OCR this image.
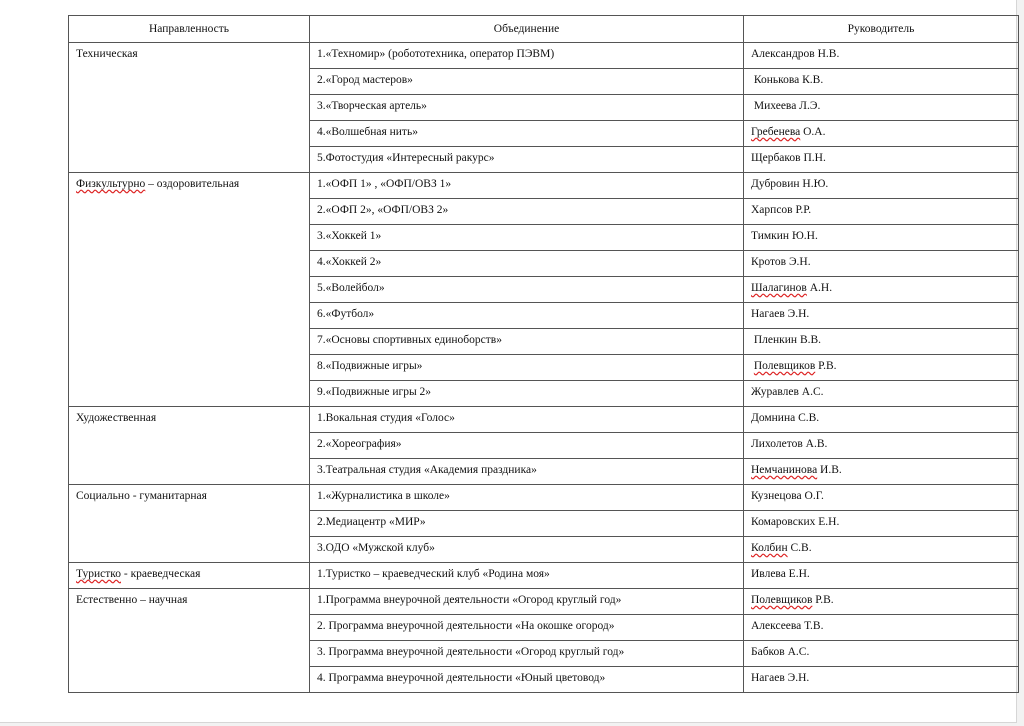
Направленность	Объединение	Руководитель
Техническая	1.«Техномир» (робототехника, оператор ПЭВМ)	Александров Н.В.
	2.«Город мастеров»	Конькова К.В.
	3.«Творческая артель»	Михеева Л.Э.
	4.«Волшебная нить»	Гребенева О.А.
	5.Фотостудия «Интересный ракурс»	Щербаков П.Н.
Физкультурно – оздоровительная	1.«ОФП 1» , «ОФП/ОВЗ 1»	Дубровин Н.Ю.
	2.«ОФП 2», «ОФП/ОВЗ 2»	Харпсов Р.Р.
	3.«Хоккей 1»	Тимкин Ю.Н.
	4.«Хоккей 2»	Кротов Э.Н.
	5.«Волейбол»	Шалагинов А.Н.
	6.«Футбол»	Нагаев Э.Н.
	7.«Основы спортивных единоборств»	Пленкин В.В.
	8.«Подвижные игры»	Полевщиков Р.В.
	9.«Подвижные игры 2»	Журавлев А.С.
Художественная	1.Вокальная студия «Голос»	Домнина С.В.
	2.«Хореография»	Лихолетов А.В.
	3.Театральная студия «Академия праздника»	Немчанинова И.В.
Социально - гуманитарная	1.«Журналистика в школе»	Кузнецова О.Г.
	2.Медиацентр «МИР»	Комаровских Е.Н.
	3.ОДО «Мужской клуб»	Колбин С.В.
Туристко - краеведческая	1.Туристко – краеведческий клуб «Родина моя»	Ивлева Е.Н.
Естественно – научная	1.Программа внеурочной деятельности «Огород круглый год»	Полевщиков Р.В.
	2. Программа внеурочной деятельности «На окошке огород»	Алексеева Т.В.
	3. Программа внеурочной деятельности «Огород круглый год»	Бабков А.С.
	4. Программа внеурочной деятельности «Юный цветовод»	Нагаев Э.Н.
